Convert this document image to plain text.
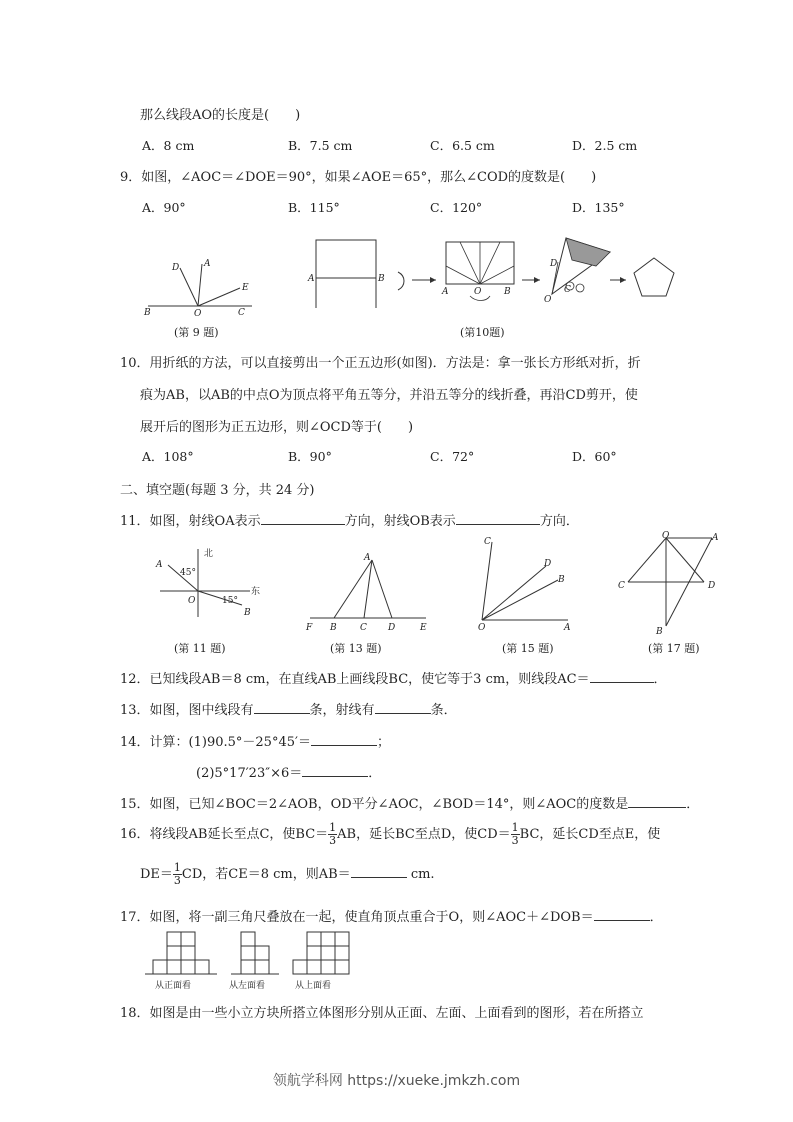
那么线段AO的长度是(　　)
A．8 cm	B．7.5 cm	C．6.5 cm	D．2.5 cm
9．如图，∠AOC＝∠DOE＝90°，如果∠AOE＝65°，那么∠COD的度数是(　　)
A．90°	B．115°	C．120°	D．135°
D	A
E
B	O	C
(第 9 题)
A	B
A	O	B
D
O
C
(第10题)
10．用折纸的方法，可以直接剪出一个正五边形(如图)．方法是：拿一张长方形纸对折，折
痕为AB，以AB的中点O为顶点将平角五等分，并沿五等分的线折叠，再沿CD剪开，使
展开后的图形为正五边形，则∠OCD等于(　　)
A．108°	B．90°	C．72°	D．60°
二、填空题(每题 3 分，共 24 分)
11．如图，射线OA表示	方向，射线OB表示	方向．
A
B
O
北
东
45°
15°
(第 11 题)
A
F B	C D	E
(第 13 题)
C
D
B
O	A
(第 15 题)
O	A
C	D
B
(第 17 题)
12．已知线段AB＝8 cm，在直线AB上画线段BC，使它等于3 cm，则线段AC＝	．
13．如图，图中线段有	条，射线有	条．
14．计算：(1)90.5°－25°45′＝	；
(2)5°17′23″×6＝	．
15．如图，已知∠BOC＝2∠AOB，OD平分∠AOC，∠BOD＝14°，则∠AOC的度数是	．
16．将线段AB延长至点C，使$BC= \frac{1}{3}$ AB，延长BC至点D，使$CD= \frac{1}{3}$ BC，延长CD至点E，使
$DE= \frac{1}{3}$ CD，若CE＝8 cm，则AB＝	cm.
17．如图，将一副三角尺叠放在一起，使直角顶点重合于O，则∠AOC＋∠DOB＝	．
从正面看	从左面看	从上面看
18．如图是由一些小立方块所搭立体图形分别从正面、左面、上面看到的图形，若在所搭立
领航学科网 https://xueke.jmkzh.com
